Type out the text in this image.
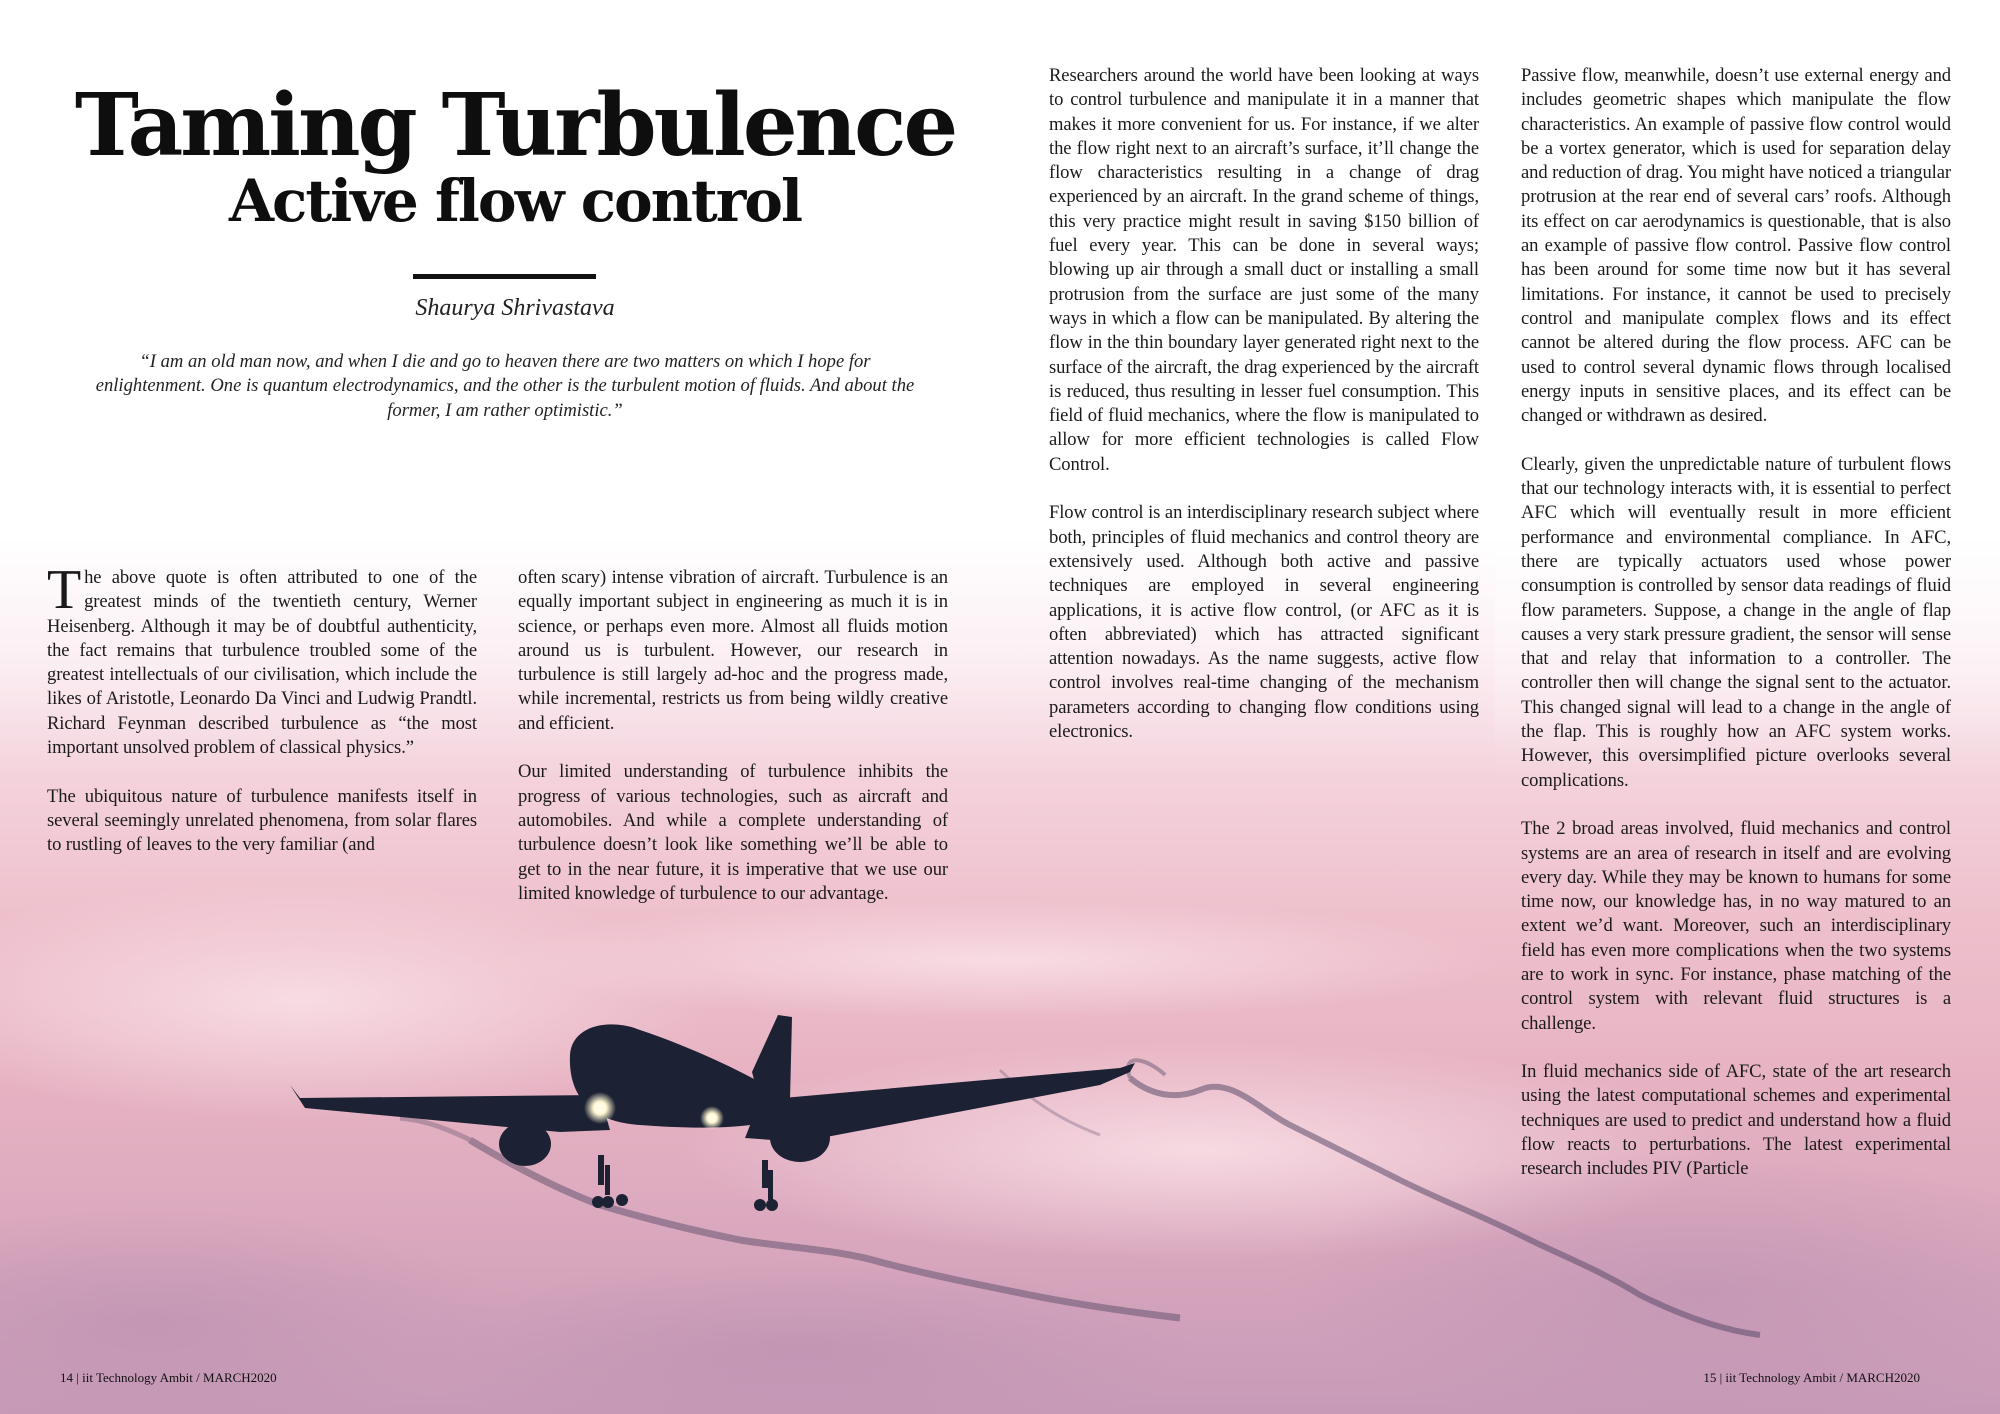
Taming Turbulence
Active flow control
Shaurya Shrivastava
“I am an old man now, and when I die and go to heaven there are two matters on which I hope for enlightenment. One is quantum electrodynamics, and the other is the turbulent motion of fluids. And about the former, I am rather optimistic.”

The above quote is often attributed to one of the greatest minds of the twentieth century, Werner Heisenberg. Although it may be of doubtful authenticity, the fact remains that turbulence troubled some of the greatest intellectuals of our civilisation, which include the likes of Aristotle, Leonardo Da Vinci and Ludwig Prandtl. Richard Feynman described turbulence as “the most important unsolved problem of classical physics.”

The ubiquitous nature of turbulence manifests itself in several seemingly unrelated phenomena, from solar flares to rustling of leaves to the very familiar (and

often scary) intense vibration of aircraft. Turbulence is an equally important subject in engineering as much it is in science, or perhaps even more. Almost all fluids motion around us is turbulent. However, our research in turbulence is still largely ad-hoc and the progress made, while incremental, restricts us from being wildly creative and efficient.

Our limited understanding of turbulence inhibits the progress of various technologies, such as aircraft and automobiles. And while a complete understanding of turbulence doesn’t look like something we’ll be able to get to in the near future, it is imperative that we use our limited knowledge of turbulence to our advantage.

Researchers around the world have been looking at ways to control turbulence and manipulate it in a manner that makes it more convenient for us. For instance, if we alter the flow right next to an aircraft’s surface, it’ll change the flow characteristics resulting in a change of drag experienced by an aircraft. In the grand scheme of things, this very practice might result in saving $150 billion of fuel every year. This can be done in several ways; blowing up air through a small duct or installing a small protrusion from the surface are just some of the many ways in which a flow can be manipulated. By altering the flow in the thin boundary layer generated right next to the surface of the aircraft, the drag experienced by the aircraft is reduced, thus resulting in lesser fuel consumption. This field of fluid mechanics, where the flow is manipulated to allow for more efficient technologies is called Flow Control.

Flow control is an interdisciplinary research subject where both, principles of fluid mechanics and control theory are extensively used. Although both active and passive techniques are employed in several engineering applications, it is active flow control, (or AFC as it is often abbreviated) which has attracted significant attention nowadays. As the name suggests, active flow control involves real-time changing of the mechanism parameters according to changing flow conditions using electronics.

Passive flow, meanwhile, doesn’t use external energy and includes geometric shapes which manipulate the flow characteristics. An example of passive flow control would be a vortex generator, which is used for separation delay and reduction of drag. You might have noticed a triangular protrusion at the rear end of several cars’ roofs. Although its effect on car aerodynamics is questionable, that is also an example of passive flow control. Passive flow control has been around for some time now but it has several limitations. For instance, it cannot be used to precisely control and manipulate complex flows and its effect cannot be altered during the flow process. AFC can be used to control several dynamic flows through localised energy inputs in sensitive places, and its effect can be changed or withdrawn as desired.

Clearly, given the unpredictable nature of turbulent flows that our technology interacts with, it is essential to perfect AFC which will eventually result in more efficient performance and environmental compliance. In AFC, there are typically actuators used whose power consumption is controlled by sensor data readings of fluid flow parameters. Suppose, a change in the angle of flap causes a very stark pressure gradient, the sensor will sense that and relay that information to a controller. The controller then will change the signal sent to the actuator. This changed signal will lead to a change in the angle of the flap. This is roughly how an AFC system works. However, this oversimplified picture overlooks several complications.

The 2 broad areas involved, fluid mechanics and control systems are an area of research in itself and are evolving every day. While they may be known to humans for some time now, our knowledge has, in no way matured to an extent we’d want. Moreover, such an interdisciplinary field has even more complications when the two systems are to work in sync. For instance, phase matching of the control system with relevant fluid structures is a challenge.

In fluid mechanics side of AFC, state of the art research using the latest computational schemes and experimental techniques are used to predict and understand how a fluid flow reacts to perturbations. The latest experimental research includes PIV (Particle

14 | iit Technology Ambit / MARCH2020	15 | iit Technology Ambit / MARCH2020
